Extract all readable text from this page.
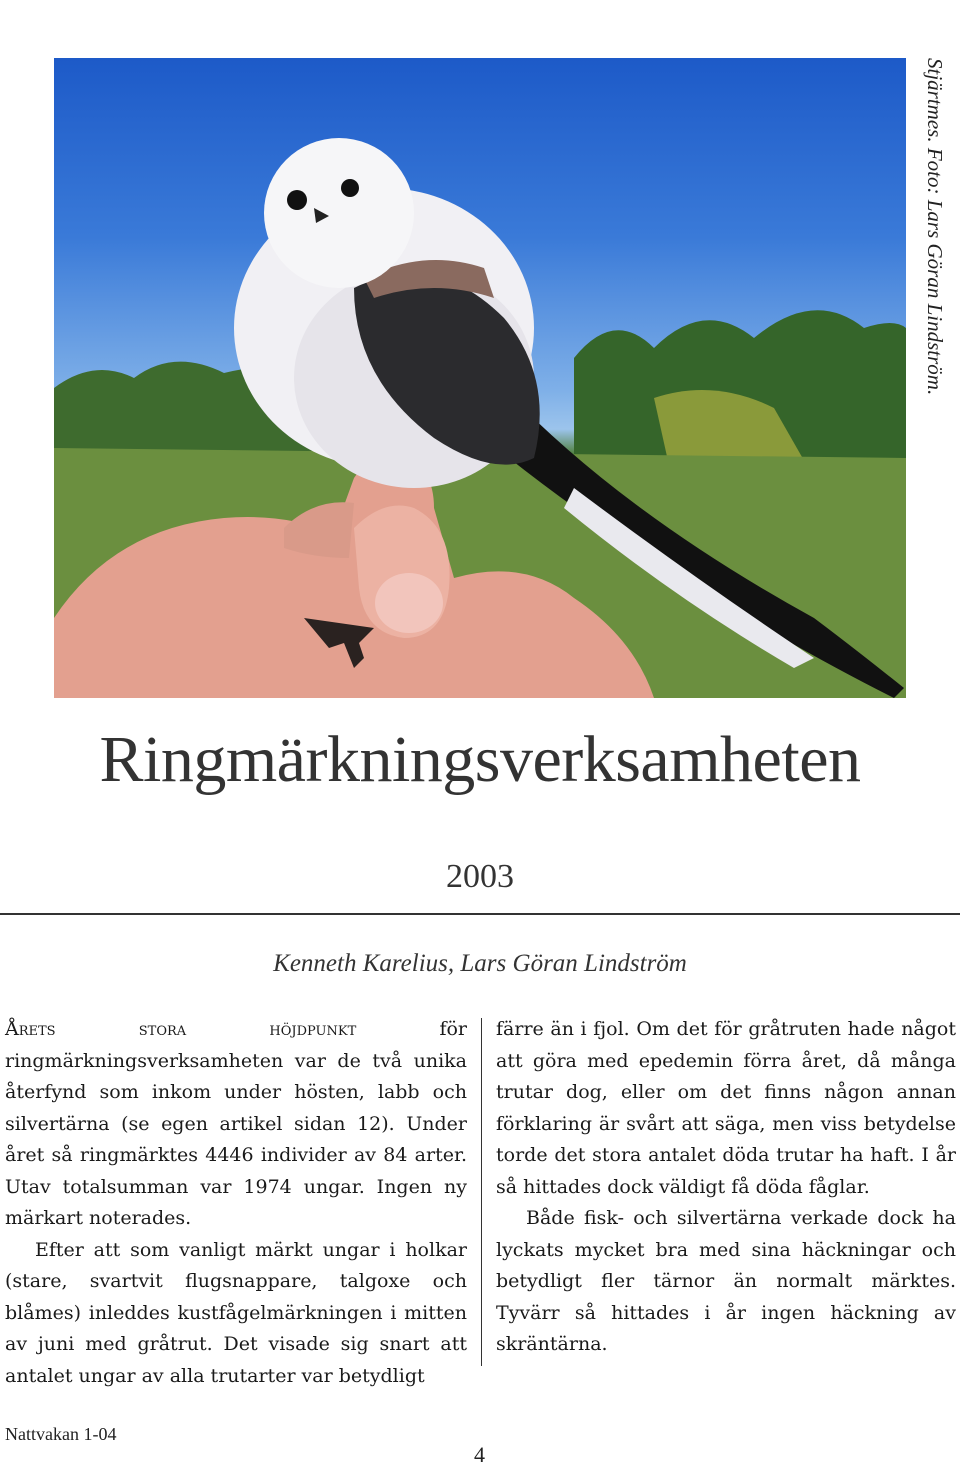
Stjärtmes. Foto: Lars Göran Lindström.
Ringmärkningsverksamheten
2003
Kenneth Karelius, Lars Göran Lindström

Årets stora höjdpunkt för ringmärkningsverksamheten var de två unika återfynd som inkom under hösten, labb och silvertärna (se egen artikel sidan 12). Under året så ringmärktes 4446 individer av 84 arter. Utav totalsumman var 1974 ungar. Ingen ny märkart noterades.

Efter att som vanligt märkt ungar i holkar (stare, svartvit flugsnappare, talgoxe och blåmes) inleddes kustfågelmärkningen i mitten av juni med gråtrut. Det visade sig snart att antalet ungar av alla trutarter var betydligt

färre än i fjol. Om det för gråtruten hade något att göra med epedemin förra året, då många trutar dog, eller om det finns någon annan förklaring är svårt att säga, men viss betydelse torde det stora antalet döda trutar ha haft. I år så hittades dock väldigt få döda fåglar.

Både fisk- och silvertärna verkade dock ha lyckats mycket bra med sina häckningar och betydligt fler tärnor än normalt märktes. Tyvärr så hittades i år ingen häckning av skräntärna.

Nattvakan 1-04
4
